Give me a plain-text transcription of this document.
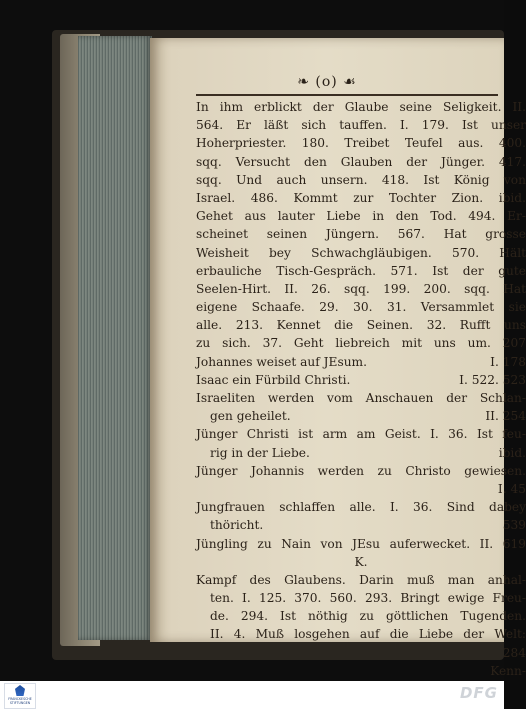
❧ (o) ☙
In ihm erblickt der Glaube seine Seligkeit. II.
564. Er läßt sich tauffen. I. 179. Ist unser
Hoherpriester. 180. Treibet Teufel aus. 400.
sqq. Versucht den Glauben der Jünger. 417.
sqq. Und auch unsern. 418. Ist König von
Israel. 486. Kommt zur Tochter Zion. ibid.
Gehet aus lauter Liebe in den Tod. 494. Er-
scheinet seinen Jüngern. 567. Hat grosse
Weisheit bey Schwachgläubigen. 570. Hält
erbauliche Tisch-Gespräch. 571. Ist der gute
Seelen-Hirt. II. 26. sqq. 199. 200. sqq. Hat
eigene Schaafe. 29. 30. 31. Versammlet sie
alle. 213. Kennet die Seinen. 32. Rufft uns
zu sich. 37. Geht liebreich mit uns um. 207
Johannes weiset auf JEsum.	I. 178
Isaac ein Fürbild Christi.	I. 522. 523
Israeliten werden vom Anschauen der Schlan-
gen geheilet.	II. 254
Jünger Christi ist arm am Geist. I. 36. Ist feu-
rig in der Liebe.	ibid.
Jünger Johannis werden zu Christo gewiesen.
I. 45
Jungfrauen schlaffen alle. I. 36. Sind dabey
thöricht.	539
Jüngling zu Nain von JEsu auferwecket. II. 619
K.
Kampf des Glaubens. Darin muß man anhal-
ten. I. 125. 370. 560. 293. Bringt ewige Freu-
de. 294. Ist nöthig zu göttlichen Tugenden.
II. 4. Muß losgehen auf die Liebe der Welt:
284
Kenn-
FRANCKESCHE STIFTUNGEN
DFG
